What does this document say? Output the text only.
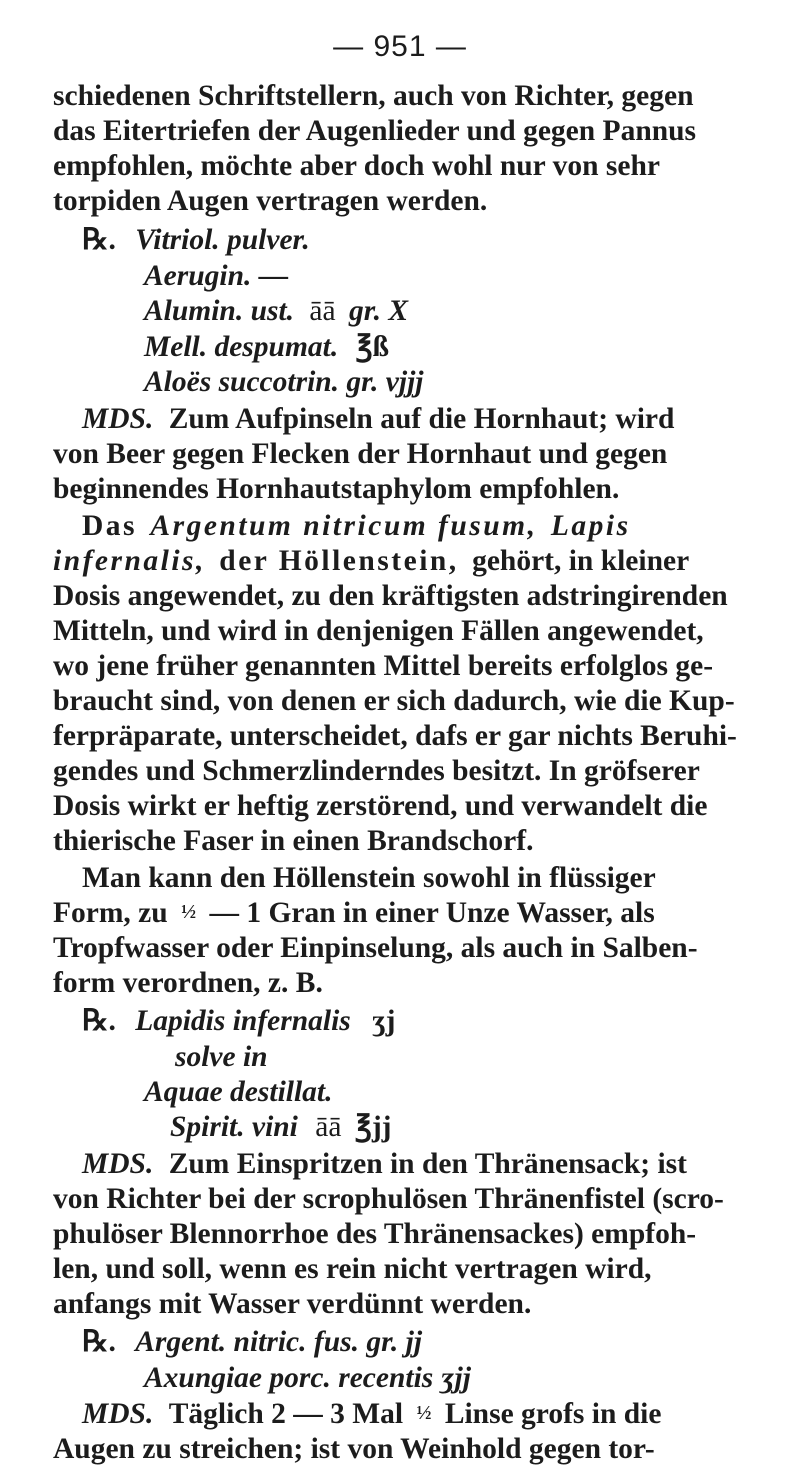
— 951 —
schiedenen Schriftstellern, auch von Richter, gegen
das Eitertriefen der Augenlieder und gegen Pannus
empfohlen, möchte aber doch wohl nur von sehr
torpiden Augen vertragen werden.
℞. Vitriol. pulver.
Aerugin. —
Alumin. ust. āā gr. X
Mell. despumat. ℥ß
Aloës succotrin. gr. vjjj
MDS. Zum Aufpinseln auf die Hornhaut; wird
von Beer gegen Flecken der Hornhaut und gegen
beginnendes Hornhautstaphylom empfohlen.
Das Argentum nitricum fusum, Lapis
infernalis, der Höllenstein, gehört, in kleiner
Dosis angewendet, zu den kräftigsten adstringirenden
Mitteln, und wird in denjenigen Fällen angewendet,
wo jene früher genannten Mittel bereits erfolglos ge-
braucht sind, von denen er sich dadurch, wie die Kup-
ferpräparate, unterscheidet, dafs er gar nichts Beruhi-
gendes und Schmerzlinderndes besitzt. In gröfserer
Dosis wirkt er heftig zerstörend, und verwandelt die
thierische Faser in einen Brandschorf.
Man kann den Höllenstein sowohl in flüssiger
Form, zu ½ — 1 Gran in einer Unze Wasser, als
Tropfwasser oder Einpinselung, als auch in Salben-
form verordnen, z. B.
℞. Lapidis infernalis ʒj
solve in
Aquae destillat.
Spirit. vini āā ℥jj
MDS. Zum Einspritzen in den Thränensack; ist
von Richter bei der scrophulösen Thränenfistel (scro-
phulöser Blennorrhoe des Thränensackes) empfoh-
len, und soll, wenn es rein nicht vertragen wird,
anfangs mit Wasser verdünnt werden.
℞. Argent. nitric. fus. gr. jj
Axungiae porc. recentis ʒjj
MDS. Täglich 2 — 3 Mal ½ Linse grofs in die
Augen zu streichen; ist von Weinhold gegen tor-
